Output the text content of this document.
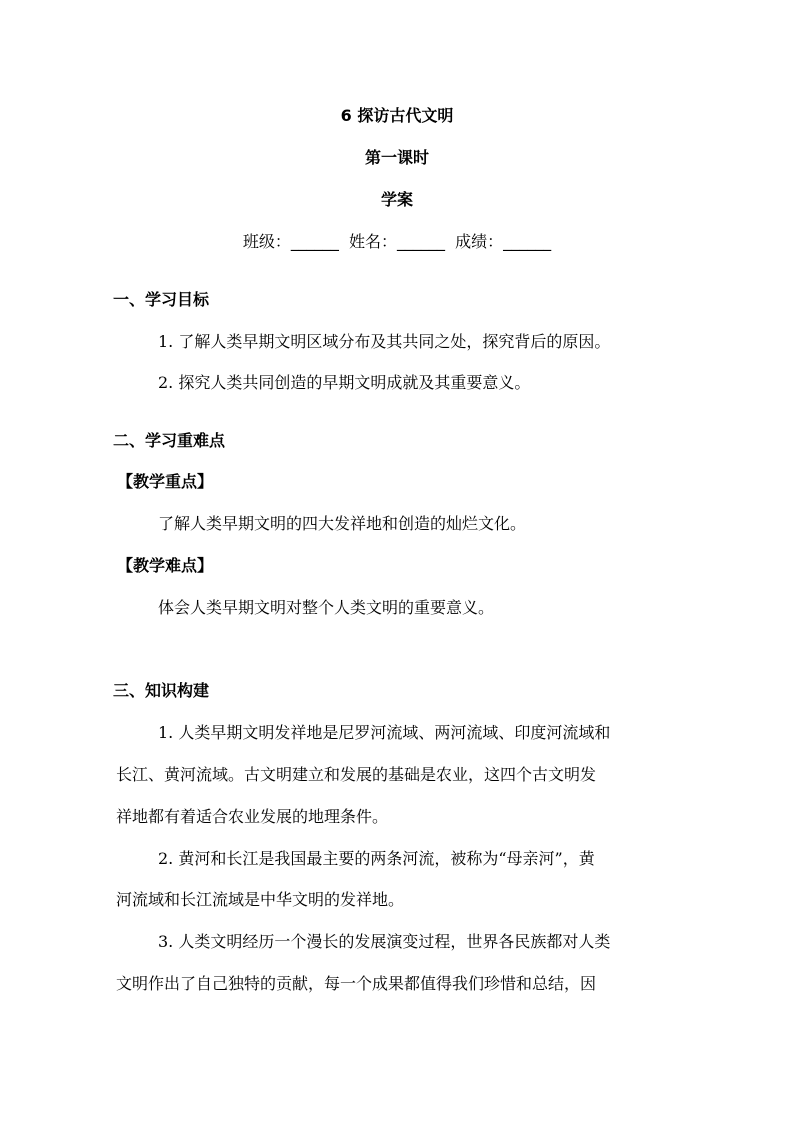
6 探访古代文明
第一课时
学案
班级：______  姓名：______  成绩：______
一、学习目标
1. 了解人类早期文明区域分布及其共同之处，探究背后的原因。
2. 探究人类共同创造的早期文明成就及其重要意义。
二、学习重难点
【教学重点】
了解人类早期文明的四大发祥地和创造的灿烂文化。
【教学难点】
体会人类早期文明对整个人类文明的重要意义。
三、知识构建
1. 人类早期文明发祥地是尼罗河流域、两河流域、印度河流域和
长江、黄河流域。古文明建立和发展的基础是农业，这四个古文明发
祥地都有着适合农业发展的地理条件。
2. 黄河和长江是我国最主要的两条河流，被称为“母亲河”，黄
河流域和长江流域是中华文明的发祥地。
3. 人类文明经历一个漫长的发展演变过程，世界各民族都对人类
文明作出了自己独特的贡献，每一个成果都值得我们珍惜和总结，因
